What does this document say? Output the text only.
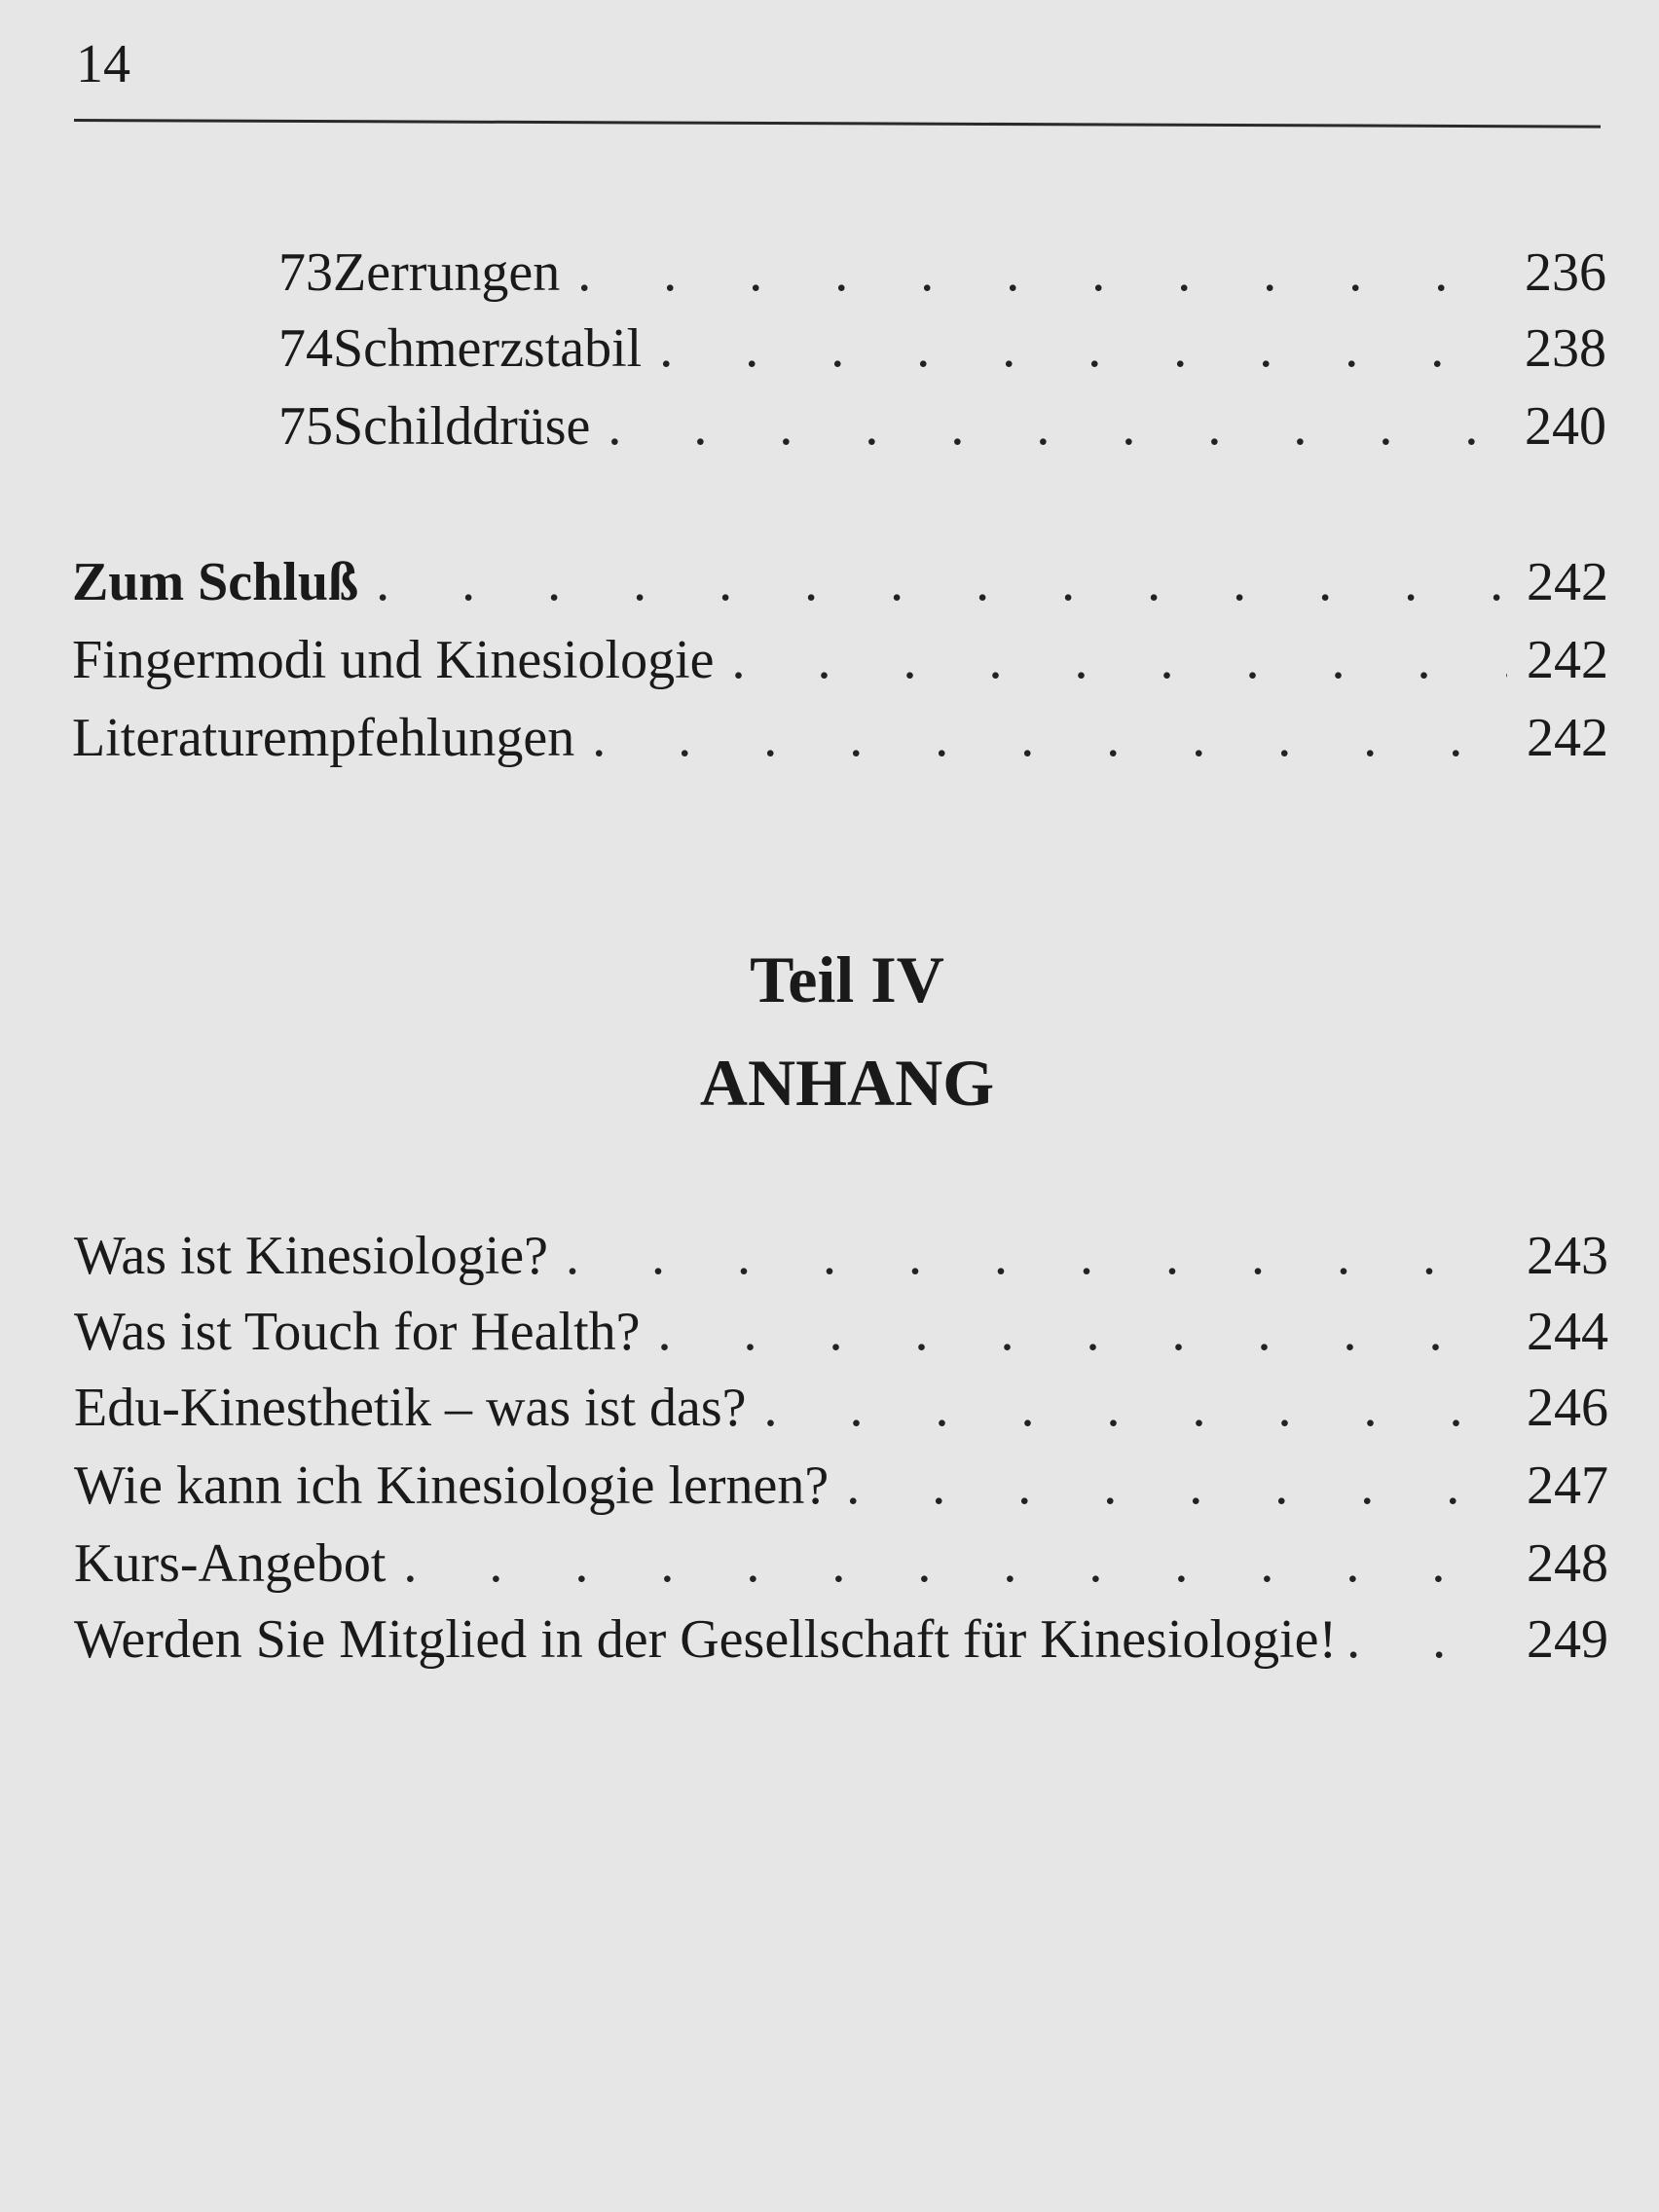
14
73 Zerrungen . . .	236
74 Schmerzstabil . . .	238
75 Schilddrüse . . .	240
Zum Schluß . . .	242
Fingermodi und Kinesiologie . . .	242
Literaturempfehlungen . . .	242
Teil IV
ANHANG
Was ist Kinesiologie? . . .	243
Was ist Touch for Health? . . .	244
Edu-Kinesthetik – was ist das? . . .	246
Wie kann ich Kinesiologie lernen? . . .	247
Kurs-Angebot . . .	248
Werden Sie Mitglied in der Gesellschaft für Kinesiologie! . . .	249
